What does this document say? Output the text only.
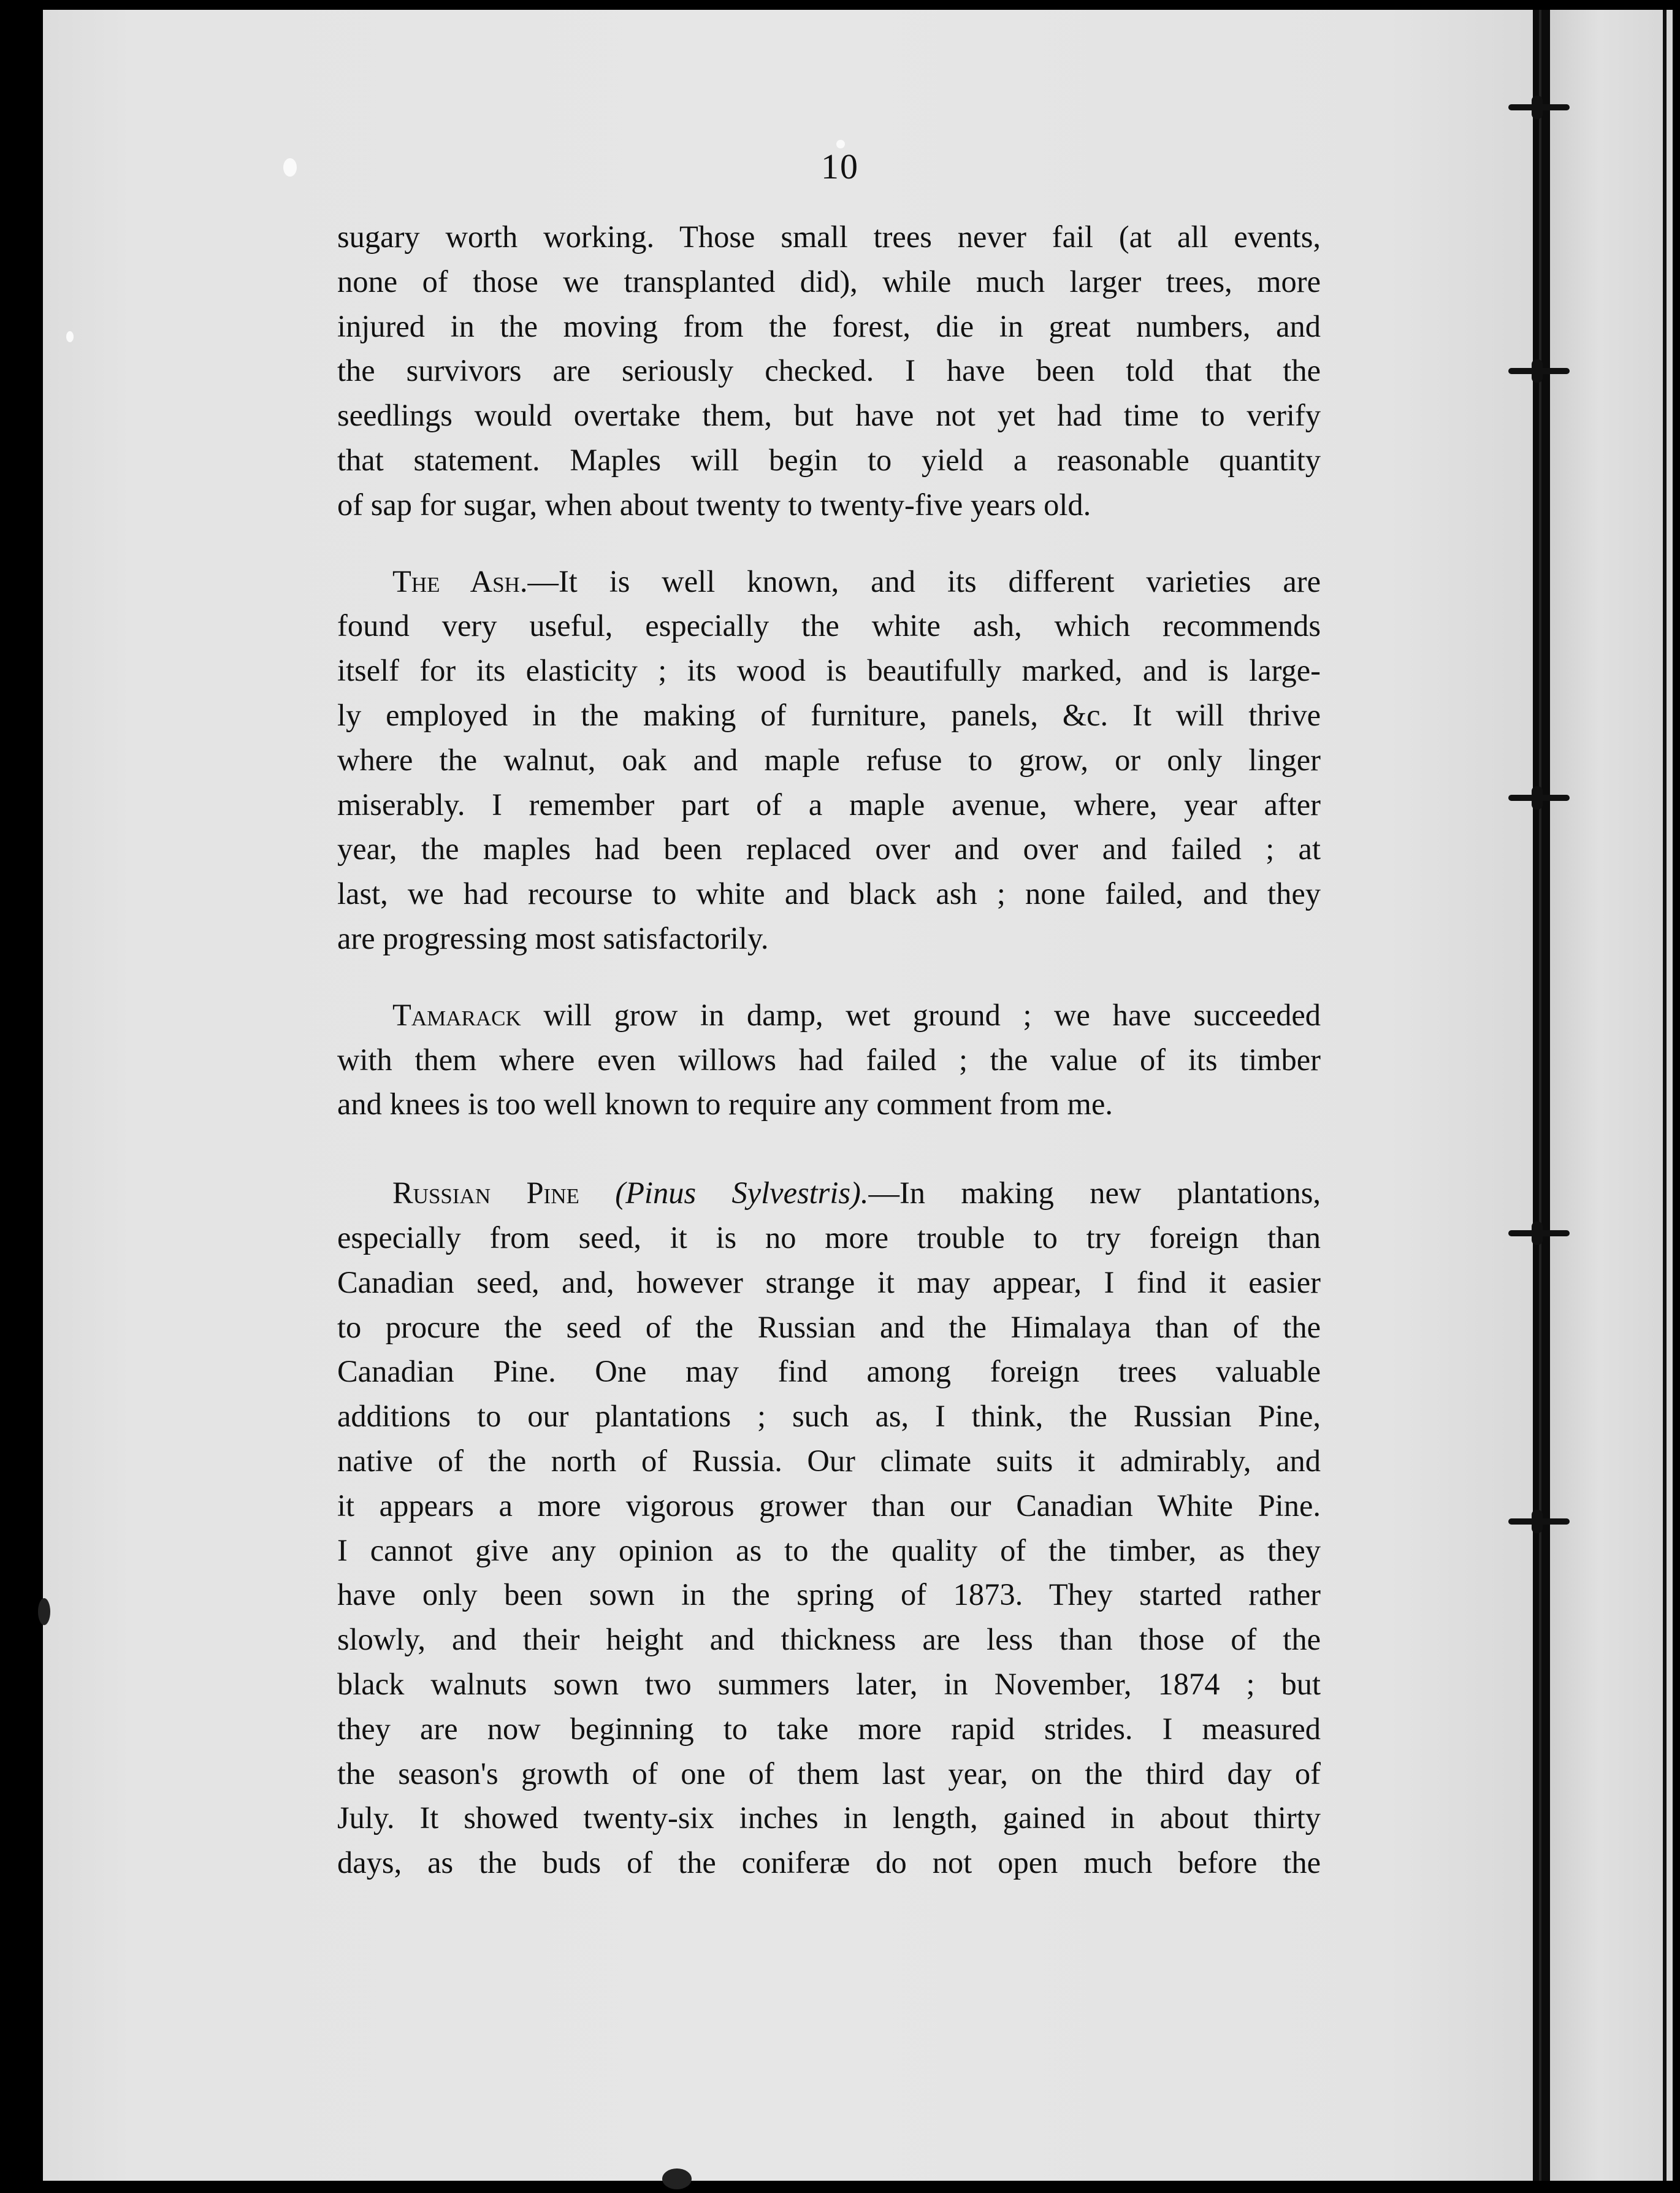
10
sugary worth working. Those small trees never fail (at all events,
none of those we transplanted did), while much larger trees, more
injured in the moving from the forest, die in great numbers, and
the survivors are seriously checked. I have been told that the
seedlings would overtake them, but have not yet had time to verify
that statement. Maples will begin to yield a reasonable quantity
of sap for sugar, when about twenty to twenty-five years old.
The Ash.—It is well known, and its different varieties are
found very useful, especially the white ash, which recommends
itself for its elasticity ; its wood is beautifully marked, and is large-
ly employed in the making of furniture, panels, &c. It will thrive
where the walnut, oak and maple refuse to grow, or only linger
miserably. I remember part of a maple avenue, where, year after
year, the maples had been replaced over and over and failed ; at
last, we had recourse to white and black ash ; none failed, and they
are progressing most satisfactorily.
Tamarack will grow in damp, wet ground ; we have succeeded
with them where even willows had failed ; the value of its timber
and knees is too well known to require any comment from me.
Russian Pine (Pinus Sylvestris).—In making new plantations,
especially from seed, it is no more trouble to try foreign than
Canadian seed, and, however strange it may appear, I find it easier
to procure the seed of the Russian and the Himalaya than of the
Canadian Pine. One may find among foreign trees valuable
additions to our plantations ; such as, I think, the Russian Pine,
native of the north of Russia. Our climate suits it admirably, and
it appears a more vigorous grower than our Canadian White Pine.
I cannot give any opinion as to the quality of the timber, as they
have only been sown in the spring of 1873. They started rather
slowly, and their height and thickness are less than those of the
black walnuts sown two summers later, in November, 1874 ; but
they are now beginning to take more rapid strides. I measured
the season's growth of one of them last year, on the third day of
July. It showed twenty-six inches in length, gained in about thirty
days, as the buds of the coniferæ do not open much before the
